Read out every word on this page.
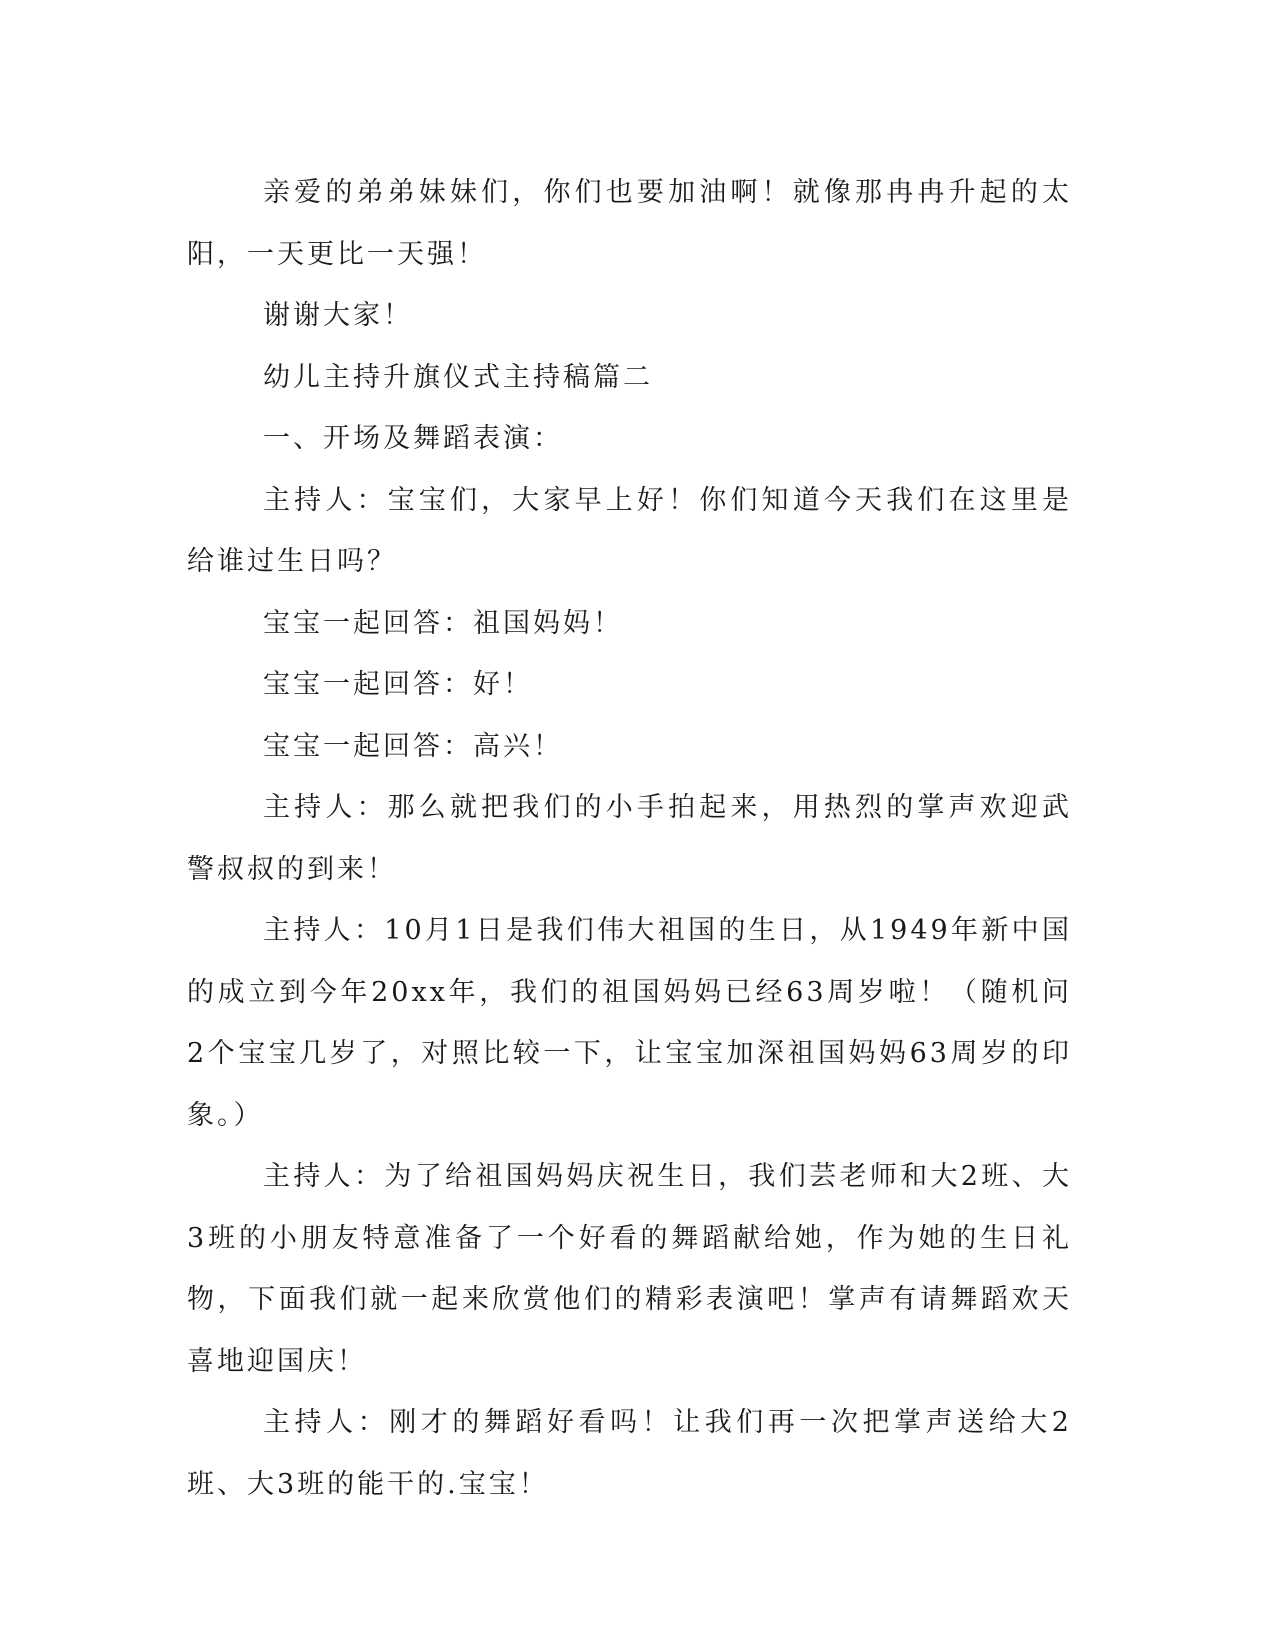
亲爱的弟弟妹妹们，你们也要加油啊！就像那冉冉升起的太阳，一天更比一天强！

谢谢大家！

幼儿主持升旗仪式主持稿篇二

一、开场及舞蹈表演：

主持人：宝宝们，大家早上好！你们知道今天我们在这里是给谁过生日吗？

宝宝一起回答：祖国妈妈！

宝宝一起回答：好！

宝宝一起回答：高兴！

主持人：那么就把我们的小手拍起来，用热烈的掌声欢迎武警叔叔的到来！

主持人：10月1日是我们伟大祖国的生日，从1949年新中国的成立到今年20xx年，我们的祖国妈妈已经63周岁啦！（随机问2个宝宝几岁了，对照比较一下，让宝宝加深祖国妈妈63周岁的印象。）

主持人：为了给祖国妈妈庆祝生日，我们芸老师和大2班、大3班的小朋友特意准备了一个好看的舞蹈献给她，作为她的生日礼物，下面我们就一起来欣赏他们的精彩表演吧！掌声有请舞蹈欢天喜地迎国庆！

主持人：刚才的舞蹈好看吗！让我们再一次把掌声送给大2班、大3班的能干的.宝宝！
